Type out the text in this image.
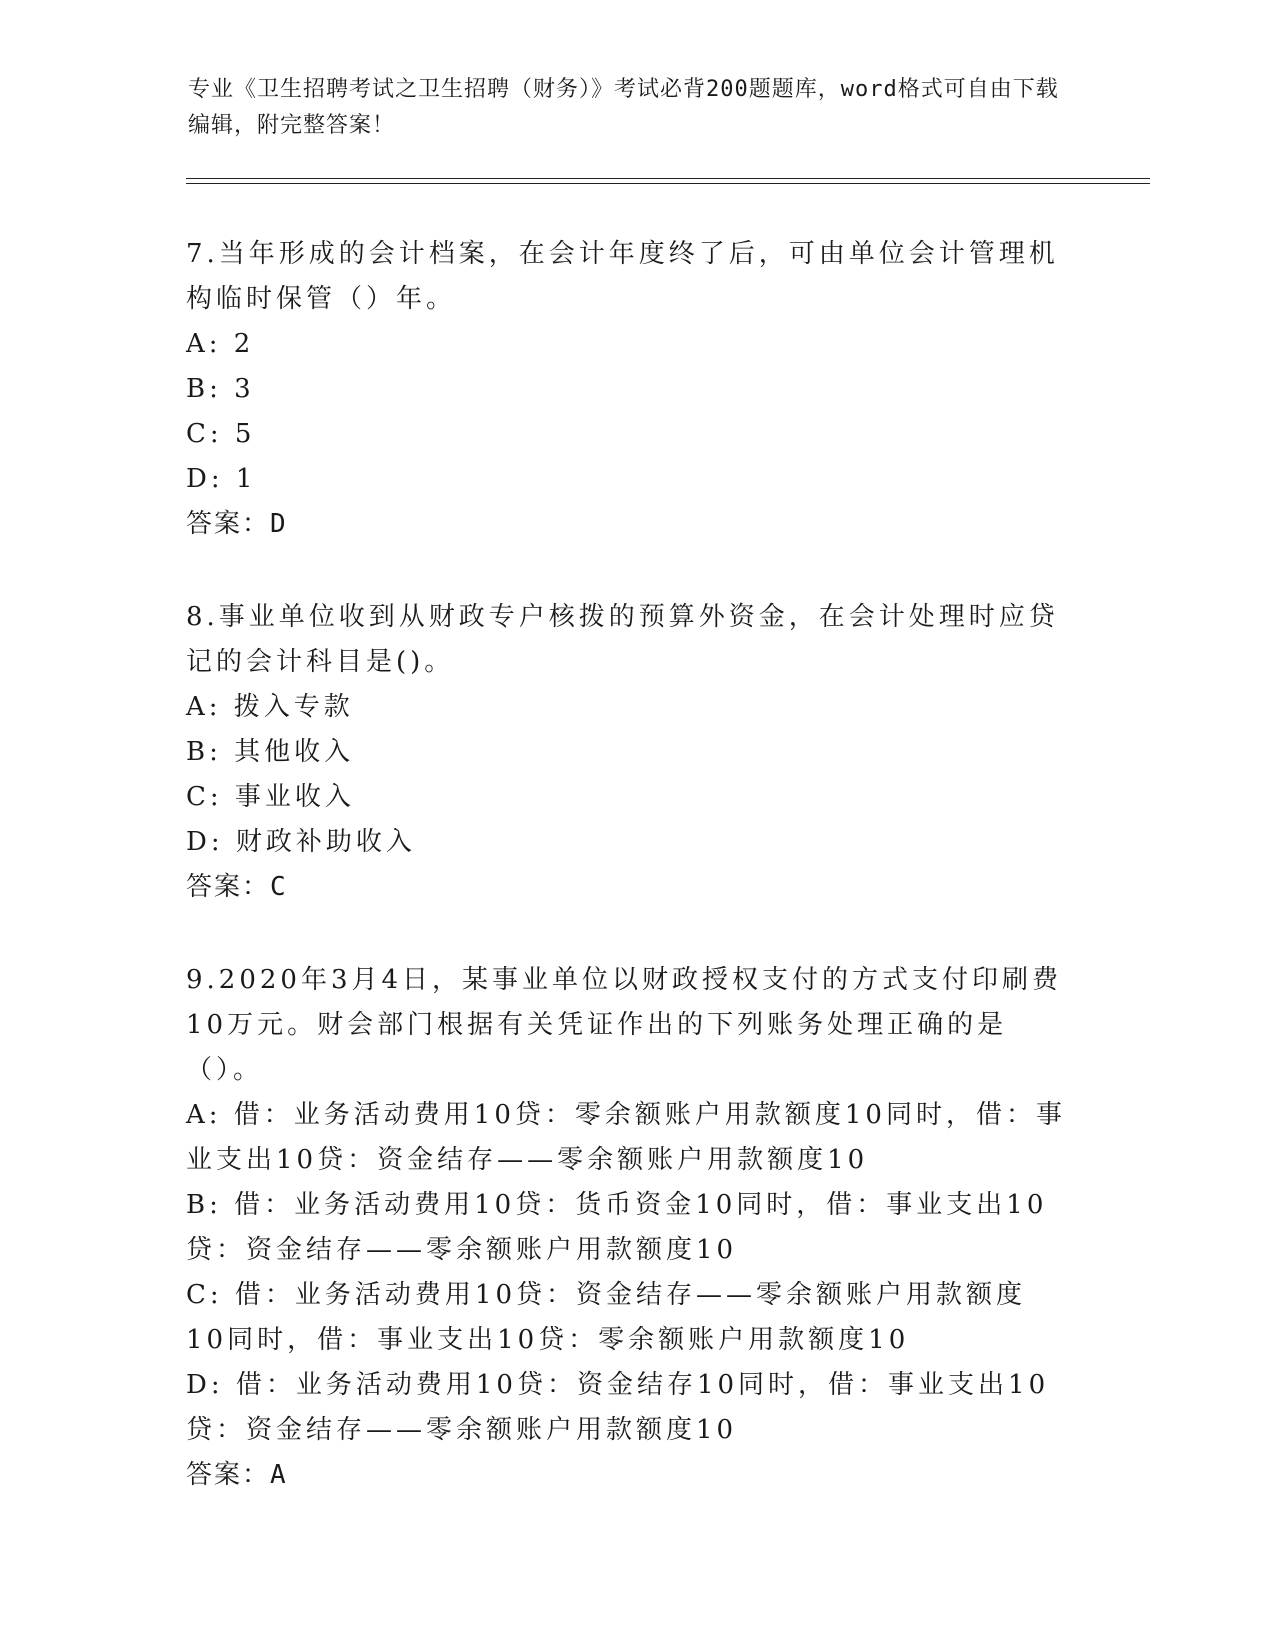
专业《卫生招聘考试之卫生招聘（财务）》考试必背200题题库，word格式可自由下载编辑，附完整答案！

7.当年形成的会计档案，在会计年度终了后，可由单位会计管理机构临时保管（）年。

A: 2

B: 3

C: 5

D: 1

答案：D

8.事业单位收到从财政专户核拨的预算外资金，在会计处理时应贷记的会计科目是()。

A: 拨入专款

B: 其他收入

C: 事业收入

D: 财政补助收入

答案：C

9.2020年3月4日，某事业单位以财政授权支付的方式支付印刷费10万元。财会部门根据有关凭证作出的下列账务处理正确的是（）。

A: 借：业务活动费用10贷：零余额账户用款额度10同时，借：事业支出10贷：资金结存——零余额账户用款额度10

B: 借：业务活动费用10贷：货币资金10同时，借：事业支出10贷：资金结存——零余额账户用款额度10

C: 借：业务活动费用10贷：资金结存——零余额账户用款额度10同时，借：事业支出10贷：零余额账户用款额度10

D: 借：业务活动费用10贷：资金结存10同时，借：事业支出10贷：资金结存——零余额账户用款额度10

答案：A
